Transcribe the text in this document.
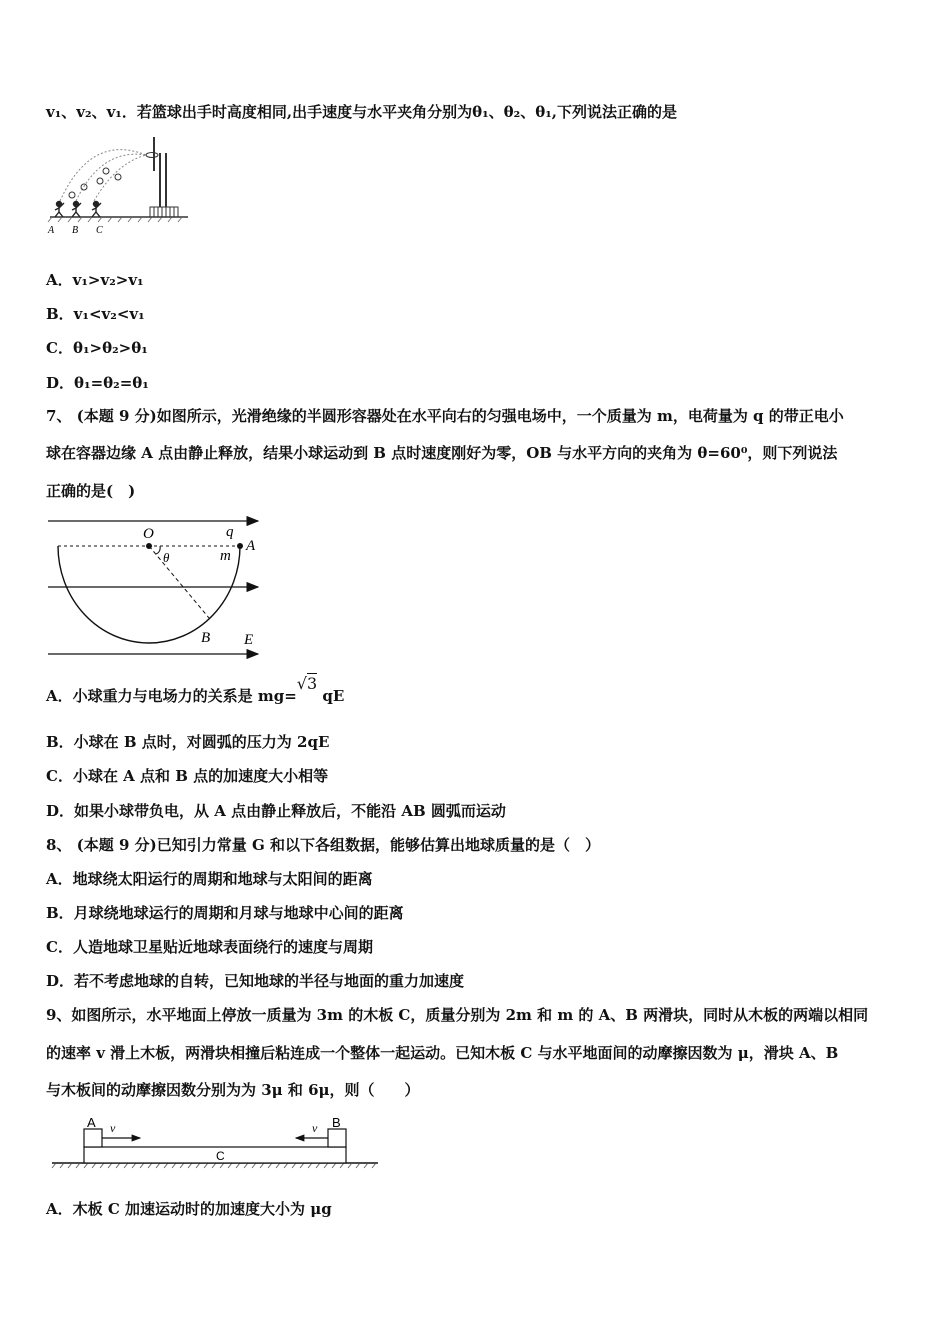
v₁、v₂、v₁．若篮球出手时高度相同,出手速度与水平夹角分别为θ₁、θ₂、θ₁,下列说法正确的是
A B C
A．v₁>v₂>v₁
B．v₁<v₂<v₁
C．θ₁>θ₂>θ₁
D．θ₁=θ₂=θ₁
7、 (本题 9 分)如图所示，光滑绝缘的半圆形容器处在水平向右的匀强电场中，一个质量为 m，电荷量为 q 的带正电小
球在容器边缘 A 点由静止释放，结果小球运动到 B 点时速度刚好为零，OB 与水平方向的夹角为 θ=60⁰，则下列说法
正确的是(　)
O	q
m
A
θ
B E
A．小球重力与电场力的关系是 mg=√3 qE
B．小球在 B 点时，对圆弧的压力为 2qE
C．小球在 A 点和 B 点的加速度大小相等
D．如果小球带负电，从 A 点由静止释放后，不能沿 AB 圆弧而运动
8、 (本题 9 分)已知引力常量 G 和以下各组数据，能够估算出地球质量的是（　）
A．地球绕太阳运行的周期和地球与太阳间的距离
B．月球绕地球运行的周期和月球与地球中心间的距离
C．人造地球卫星贴近地球表面绕行的速度与周期
D．若不考虑地球的自转，已知地球的半径与地面的重力加速度
9、如图所示，水平地面上停放一质量为 3m 的木板 C，质量分别为 2m 和 m 的 A、B 两滑块，同时从木板的两端以相同
的速率 v 滑上木板，两滑块相撞后粘连成一个整体一起运动。已知木板 C 与水平地面间的动摩擦因数为 μ，滑块 A、B
与木板间的动摩擦因数分别为为 3μ 和 6μ，则（　　）
A	B
C
v	v
A．木板 C 加速运动时的加速度大小为 μg
